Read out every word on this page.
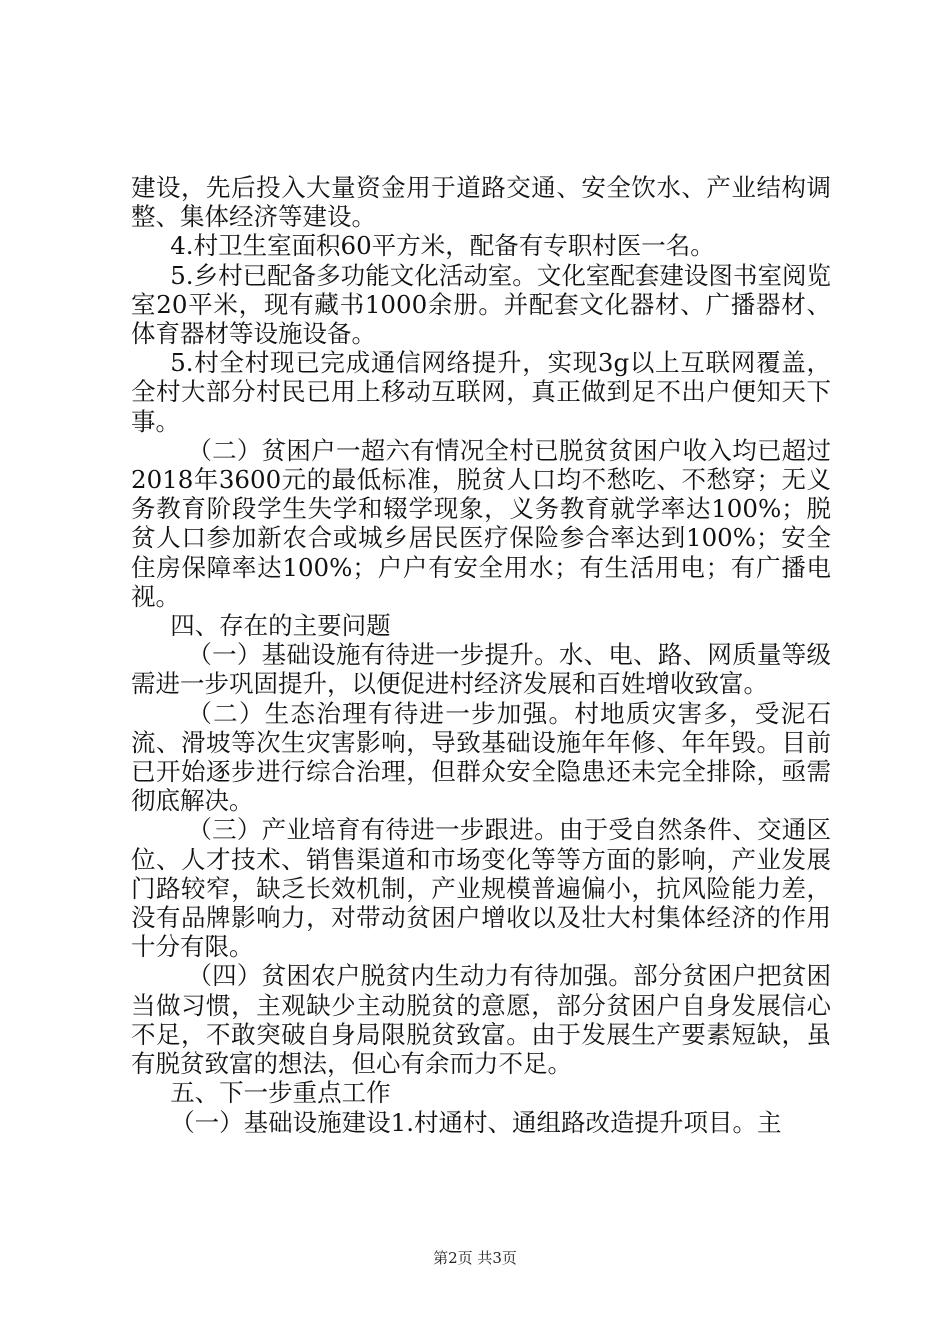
建设，先后投入大量资金用于道路交通、安全饮水、产业结构调整、集体经济等建设。

4.村卫生室面积60平方米，配备有专职村医一名。

5.乡村已配备多功能文化活动室。文化室配套建设图书室阅览室20平米，现有藏书1000余册。并配套文化器材、广播器材、体育器材等设施设备。

5.村全村现已完成通信网络提升，实现3g以上互联网覆盖，全村大部分村民已用上移动互联网，真正做到足不出户便知天下事。

（二）贫困户一超六有情况全村已脱贫贫困户收入均已超过2018年3600元的最低标准，脱贫人口均不愁吃、不愁穿；无义务教育阶段学生失学和辍学现象，义务教育就学率达100%；脱贫人口参加新农合或城乡居民医疗保险参合率达到100%；安全住房保障率达100%；户户有安全用水；有生活用电；有广播电视。

四、存在的主要问题

（一）基础设施有待进一步提升。水、电、路、网质量等级需进一步巩固提升，以便促进村经济发展和百姓增收致富。

（二）生态治理有待进一步加强。村地质灾害多，受泥石流、滑坡等次生灾害影响，导致基础设施年年修、年年毁。目前已开始逐步进行综合治理，但群众安全隐患还未完全排除，亟需彻底解决。

（三）产业培育有待进一步跟进。由于受自然条件、交通区位、人才技术、销售渠道和市场变化等等方面的影响，产业发展门路较窄，缺乏长效机制，产业规模普遍偏小，抗风险能力差，没有品牌影响力，对带动贫困户增收以及壮大村集体经济的作用十分有限。

（四）贫困农户脱贫内生动力有待加强。部分贫困户把贫困当做习惯，主观缺少主动脱贫的意愿，部分贫困户自身发展信心不足，不敢突破自身局限脱贫致富。由于发展生产要素短缺，虽有脱贫致富的想法，但心有余而力不足。

五、下一步重点工作

（一）基础设施建设1.村通村、通组路改造提升项目。主

第2页 共3页
